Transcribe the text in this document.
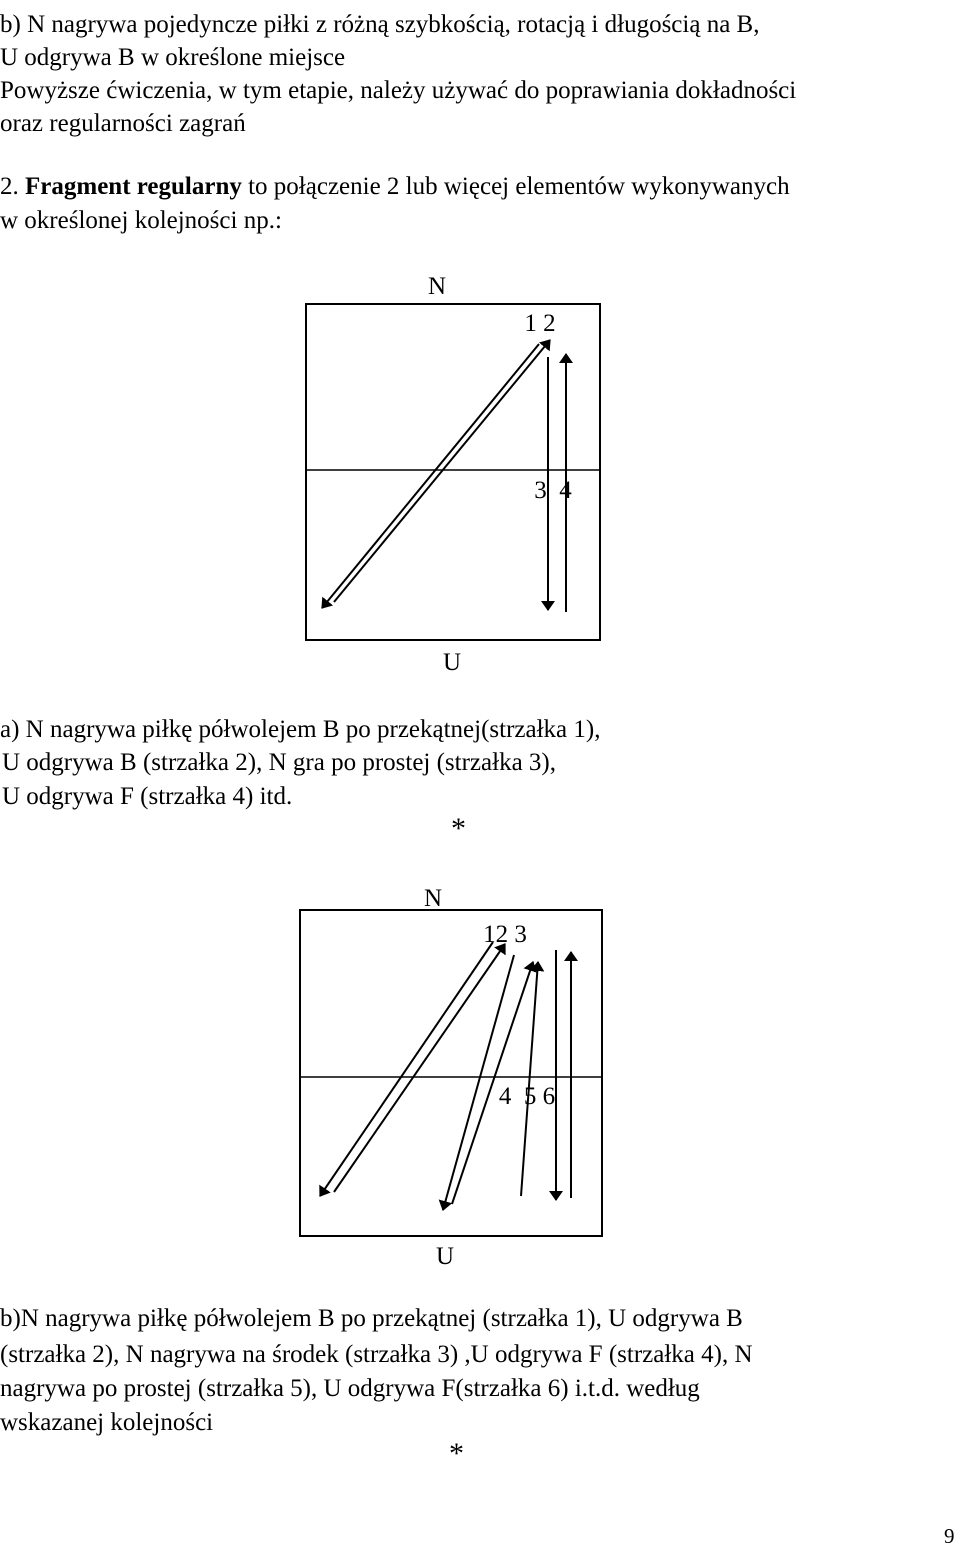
b) N nagrywa pojedyncze piłki z różną szybkością, rotacją i długością na B,
U odgrywa B w określone miejsce
Powyższe ćwiczenia, w tym etapie, należy używać do poprawiania dokładności
oraz regularności zagrań
2. Fragment regularny to połączenie 2 lub więcej elementów wykonywanych
w określonej kolejności np.:
N
1 2
3  4
U
N
12 3
4  5 6
U
a) N nagrywa piłkę półwolejem B po przekątnej(strzałka 1),
U odgrywa B (strzałka 2), N gra po prostej (strzałka 3),
U odgrywa F (strzałka 4) itd.
*
b)N nagrywa piłkę półwolejem B po przekątnej (strzałka 1), U odgrywa B
(strzałka 2), N nagrywa na środek (strzałka 3) ,U odgrywa F (strzałka 4), N
nagrywa po prostej (strzałka 5), U odgrywa F(strzałka 6) i.t.d. według
wskazanej kolejności
*
9
